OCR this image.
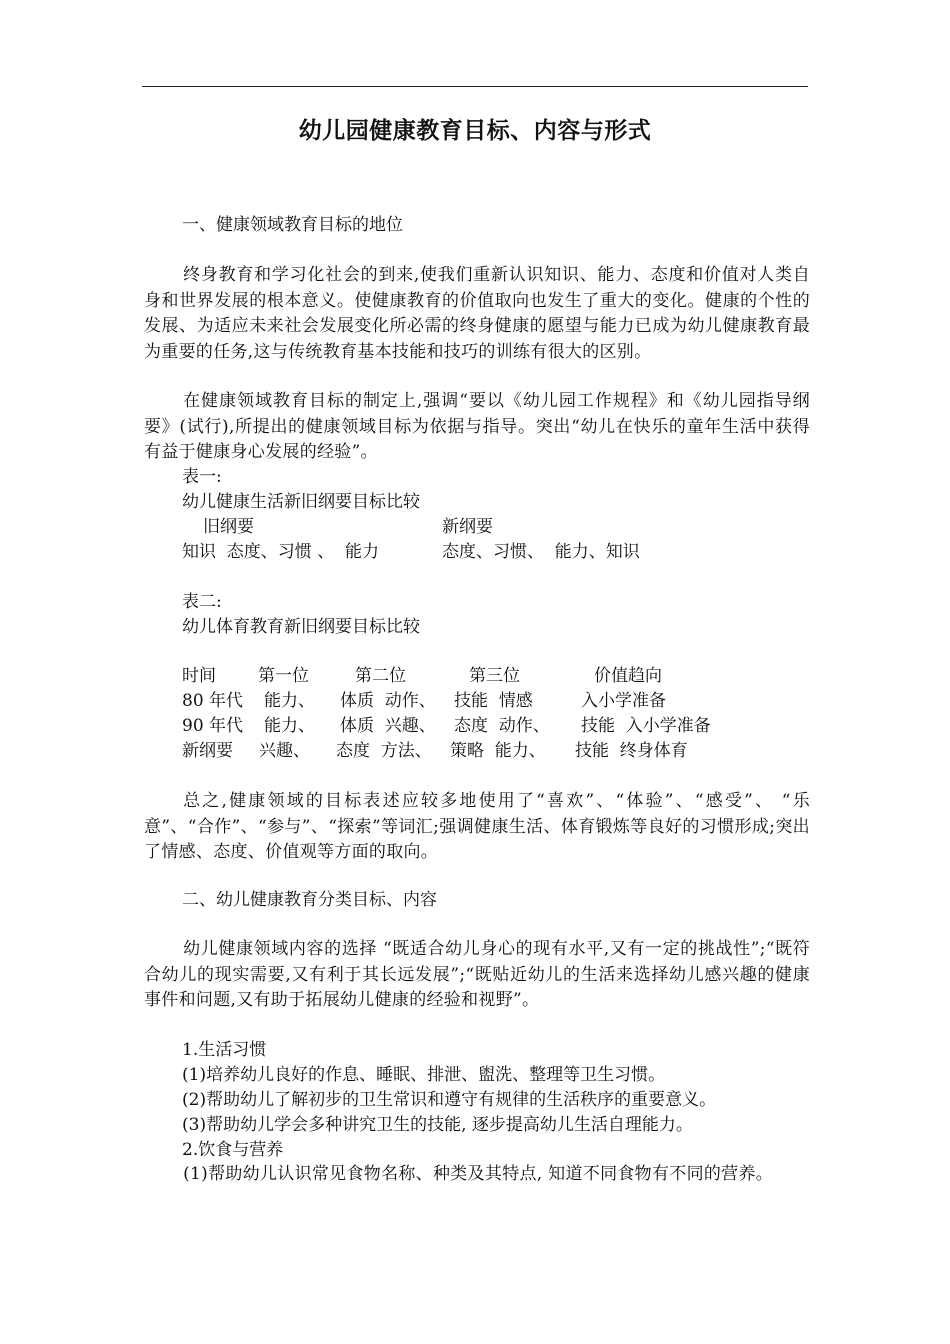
幼儿园健康教育目标、内容与形式
一、健康领域教育目标的地位
终身教育和学习化社会的到来,使我们重新认识知识、能力、态度和价值对人类自身和世界发展的根本意义。使健康教育的价值取向也发生了重大的变化。健康的个性的发展、为适应未来社会发展变化所必需的终身健康的愿望与能力已成为幼儿健康教育最为重要的任务,这与传统教育基本技能和技巧的训练有很大的区别。
在健康领域教育目标的制定上,强调“要以《幼儿园工作规程》和《幼儿园指导纲要》(试行),所提出的健康领域目标为依据与指导。突出“幼儿在快乐的童年生活中获得有益于健康身心发展的经验”。
表一:
幼儿健康生活新旧纲要目标比较
旧纲要	新纲要
知识  态度、习惯 、  能力	态度、习惯、  能力、知识
表二:
幼儿体育教育新旧纲要目标比较
时间 第一位	第二位	第三位	价值趋向
80 年代 能力、 体质  动作、 技能  情感	入小学准备
90 年代 能力、 体质  兴趣、 态度  动作、 技能  入小学准备
新纲要 兴趣、 态度  方法、 策略  能力、 技能  终身体育
总之,健康领域的目标表述应较多地使用了“喜欢”、“体验”、“感受”、 “乐意”、“合作”、“参与”、“探索”等词汇;强调健康生活、体育锻炼等良好的习惯形成;突出了情感、态度、价值观等方面的取向。
二、幼儿健康教育分类目标、内容
幼儿健康领域内容的选择 “既适合幼儿身心的现有水平,又有一定的挑战性”;“既符合幼儿的现实需要,又有利于其长远发展”;“既贴近幼儿的生活来选择幼儿感兴趣的健康事件和问题,又有助于拓展幼儿健康的经验和视野”。
1.生活习惯
(1)培养幼儿良好的作息、睡眠、排泄、盥洗、整理等卫生习惯。
(2)帮助幼儿了解初步的卫生常识和遵守有规律的生活秩序的重要意义。
(3)帮助幼儿学会多种讲究卫生的技能, 逐步提高幼儿生活自理能力。
2.饮食与营养
(1)帮助幼儿认识常见食物名称、种类及其特点, 知道不同食物有不同的营养。
